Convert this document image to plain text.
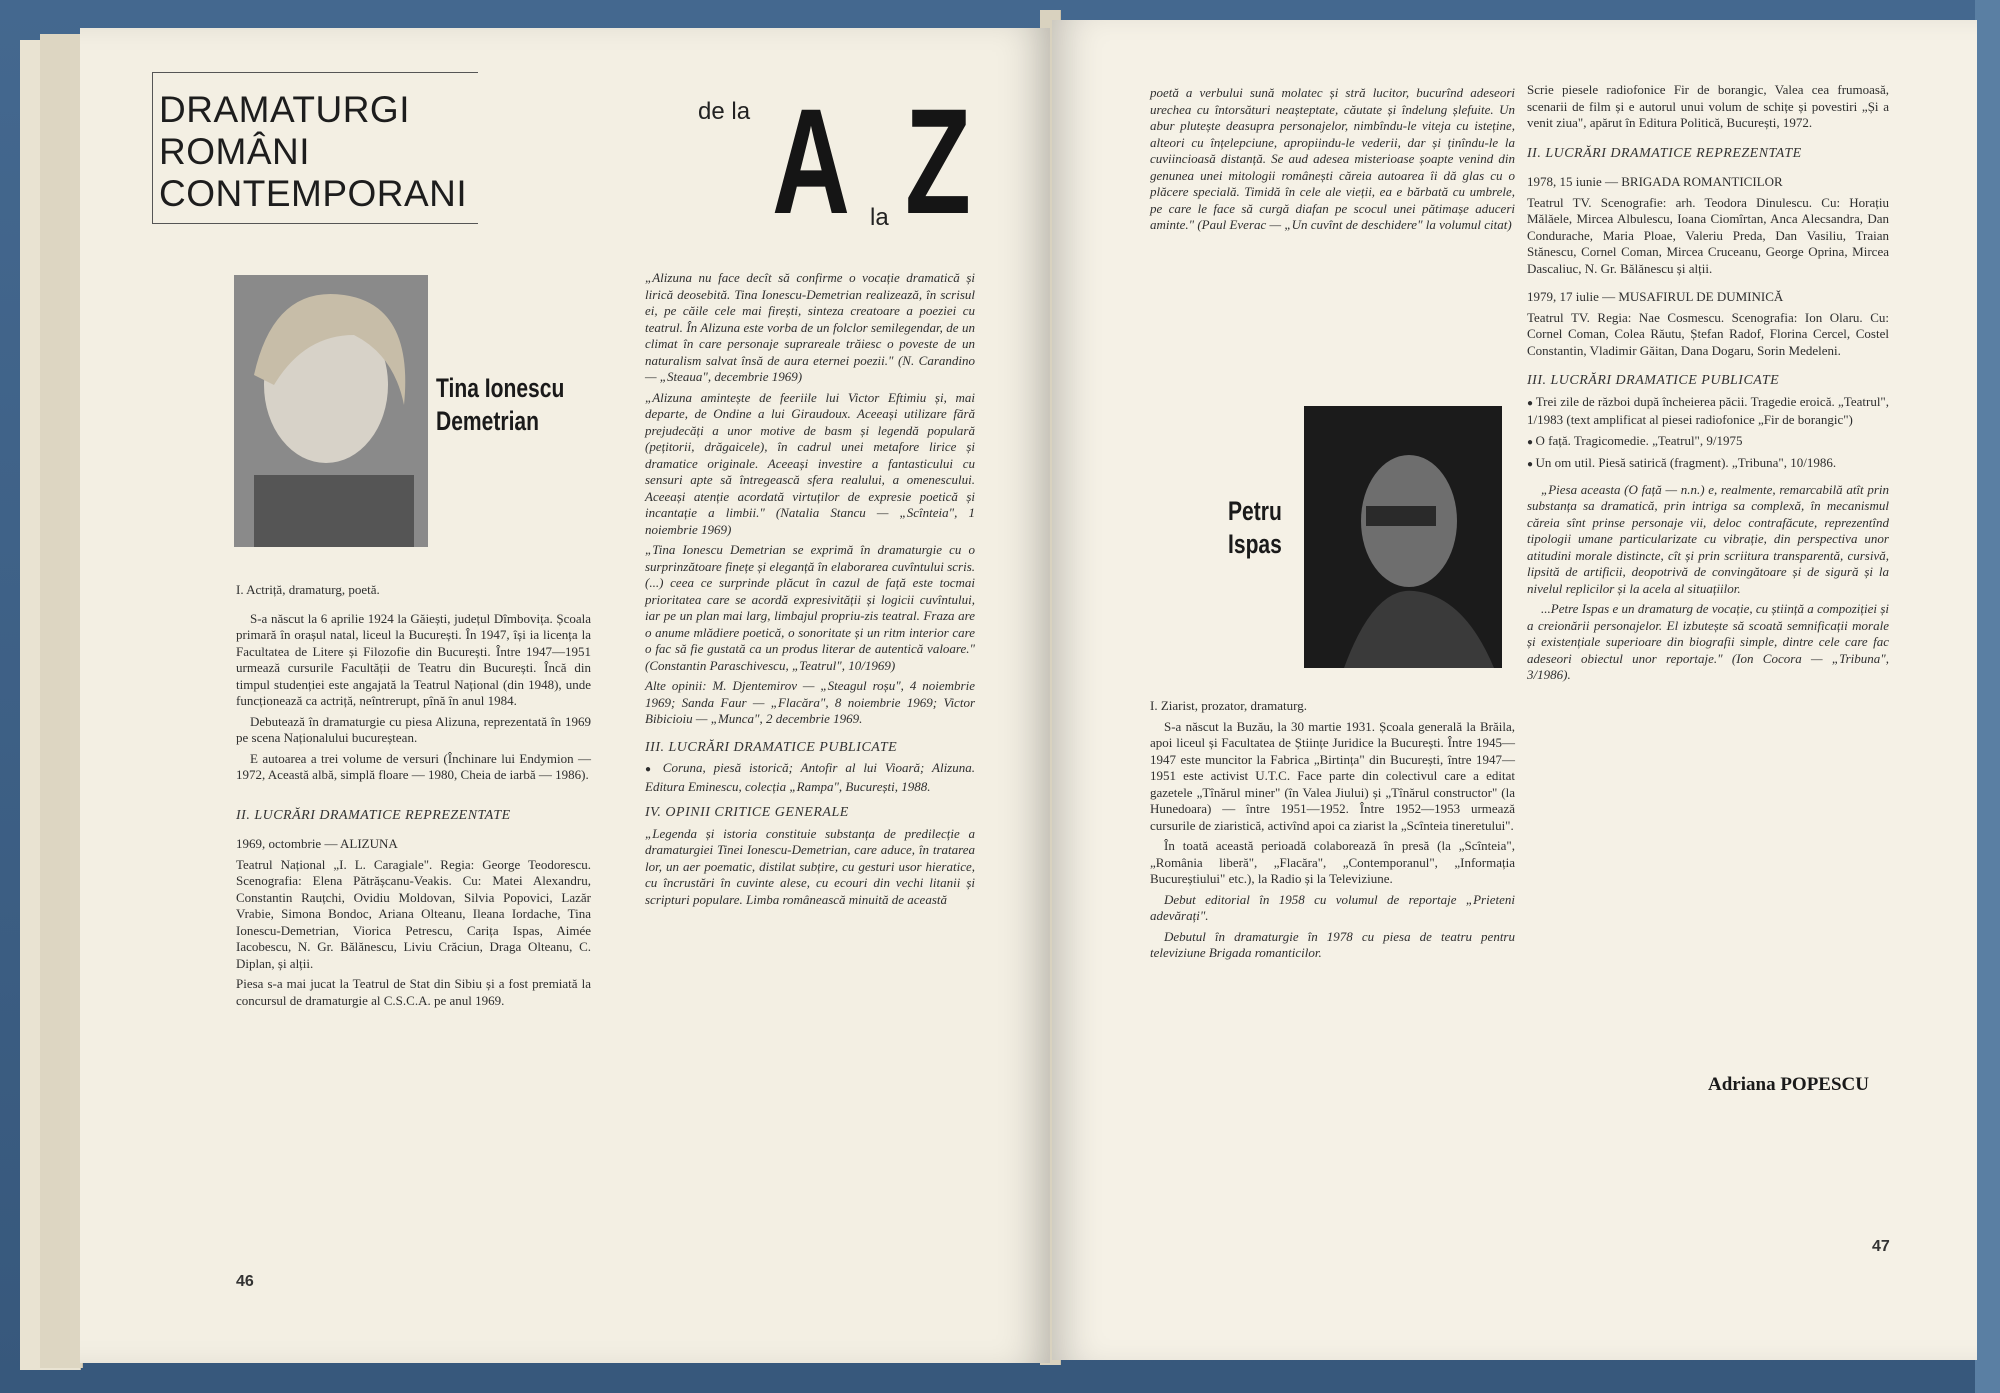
DRAMATURGI
ROMÂNI
CONTEMPORANI
de la A la Z
Tina Ionescu
Demetrian

I. Actriță, dramaturg, poetă.

S-a născut la 6 aprilie 1924 la Găiești, județul Dîmbovița. Școala primară în orașul natal, liceul la București. În 1947, își ia licența la Facultatea de Litere și Filozofie din București. Între 1947—1951 urmează cursurile Facultății de Teatru din București. Încă din timpul studenției este angajată la Teatrul Național (din 1948), unde funcționează ca actriță, neîntrerupt, pînă în anul 1984.

Debutează în dramaturgie cu piesa Alizuna, reprezentată în 1969 pe scena Naționalului bucureștean.

E autoarea a trei volume de versuri (Închinare lui Endymion — 1972, Această albă, simplă floare — 1980, Cheia de iarbă — 1986).

II. LUCRĂRI DRAMATICE REPREZENTATE

1969, octombrie — ALIZUNA

Teatrul Național „I. L. Caragiale". Regia: George Teodorescu. Scenografia: Elena Pătrășcanu-Veakis. Cu: Matei Alexandru, Constantin Rauțchi, Ovidiu Moldovan, Silvia Popovici, Lazăr Vrabie, Simona Bondoc, Ariana Olteanu, Ileana Iordache, Tina Ionescu-Demetrian, Viorica Petrescu, Carița Ispas, Aimée Iacobescu, N. Gr. Bălănescu, Liviu Crăciun, Draga Olteanu, C. Diplan, și alții.

Piesa s-a mai jucat la Teatrul de Stat din Sibiu și a fost premiată la concursul de dramaturgie al C.S.C.A. pe anul 1969.

„Alizuna nu face decît să confirme o vocație dramatică și lirică deosebită. Tina Ionescu-Demetrian realizează, în scrisul ei, pe căile cele mai firești, sinteza creatoare a poeziei cu teatrul. În Alizuna este vorba de un folclor semilegendar, de un climat în care personaje suprareale trăiesc o poveste de un naturalism salvat însă de aura eternei poezii." (N. Carandino — „Steaua", decembrie 1969)

„Alizuna amintește de feeriile lui Victor Eftimiu și, mai departe, de Ondine a lui Giraudoux. Aceeași utilizare fără prejudecăți a unor motive de basm și legendă populară (pețitorii, drăgaicele), în cadrul unei metafore lirice și dramatice originale. Aceeași investire a fantasticului cu sensuri apte să întregească sfera realului, a omenescului. Aceeași atenție acordată virtuților de expresie poetică și incantație a limbii." (Natalia Stancu — „Scînteia", 1 noiembrie 1969)

„Tina Ionescu Demetrian se exprimă în dramaturgie cu o surprinzătoare finețe și eleganță în elaborarea cuvîntului scris. (...) ceea ce surprinde plăcut în cazul de față este tocmai prioritatea care se acordă expresivității și logicii cuvîntului, iar pe un plan mai larg, limbajul propriu-zis teatral. Fraza are o anume mlădiere poetică, o sonoritate și un ritm interior care o fac să fie gustată ca un produs literar de autentică valoare." (Constantin Paraschivescu, „Teatrul", 10/1969)

Alte opinii: M. Djentemirov — „Steagul roșu", 4 noiembrie 1969; Sanda Faur — „Flacăra", 8 noiembrie 1969; Victor Bibicioiu — „Munca", 2 decembrie 1969.

III. LUCRĂRI DRAMATICE PUBLICATE

● Coruna, piesă istorică; Antofir al lui Vioară; Alizuna. Editura Eminescu, colecția „Rampa", București, 1988.

IV. OPINII CRITICE GENERALE

„Legenda și istoria constituie substanța de predilecție a dramaturgiei Tinei Ionescu-Demetrian, care aduce, în tratarea lor, un aer poematic, distilat subțire, cu gesturi usor hieratice, cu încrustări în cuvinte alese, cu ecouri din vechi litanii și scripturi populare. Limba românească minuită de această

46

poetă a verbului sună molatec și stră lucitor, bucurînd adeseori urechea cu întorsături neașteptate, căutate și îndelung șlefuite. Un abur plutește deasupra personajelor, nimbîndu-le viteja cu isteține, alteori cu înțelepciune, apropiindu-le vederii, dar și ținîndu-le la cuviincioasă distanță. Se aud adesea misterioase șoapte venind din genunea unei mitologii românești căreia autoarea îi dă glas cu o plăcere specială. Timidă în cele ale vieții, ea e bărbată cu umbrele, pe care le face să curgă diafan pe scocul unei pătimașe aduceri aminte." (Paul Everac — „Un cuvînt de deschidere" la volumul citat)

Petru
Ispas

I. Ziarist, prozator, dramaturg.

S-a născut la Buzău, la 30 martie 1931. Școala generală la Brăila, apoi liceul și Facultatea de Științe Juridice la București. Între 1945—1947 este muncitor la Fabrica „Birtința" din București, între 1947—1951 este activist U.T.C. Face parte din colectivul care a editat gazetele „Tînărul miner" (în Valea Jiului) și „Tînărul constructor" (la Hunedoara) — între 1951—1952. Între 1952—1953 urmează cursurile de ziaristică, activînd apoi ca ziarist la „Scînteia tineretului".

În toată această perioadă colaborează în presă (la „Scînteia", „România liberă", „Flacăra", „Contemporanul", „Informația Bucureștiului" etc.), la Radio și la Televiziune.

Debut editorial în 1958 cu volumul de reportaje „Prieteni adevărați".

Debutul în dramaturgie în 1978 cu piesa de teatru pentru televiziune Brigada romanticilor.

Scrie piesele radiofonice Fir de borangic, Valea cea frumoasă, scenarii de film și e autorul unui volum de schițe și povestiri „Și a venit ziua", apărut în Editura Politică, București, 1972.

II. LUCRĂRI DRAMATICE REPREZENTATE

1978, 15 iunie — BRIGADA ROMANTICILOR

Teatrul TV. Scenografie: arh. Teodora Dinulescu. Cu: Horațiu Mălăele, Mircea Albulescu, Ioana Ciomîrtan, Anca Alecsandra, Dan Condurache, Maria Ploae, Valeriu Preda, Dan Vasiliu, Traian Stănescu, Cornel Coman, Mircea Cruceanu, George Oprina, Mircea Dascaliuc, N. Gr. Bălănescu și alții.

1979, 17 iulie — MUSAFIRUL DE DUMINICĂ

Teatrul TV. Regia: Nae Cosmescu. Scenografia: Ion Olaru. Cu: Cornel Coman, Colea Răutu, Ștefan Radof, Florina Cercel, Costel Constantin, Vladimir Găitan, Dana Dogaru, Sorin Medeleni.

III. LUCRĂRI DRAMATICE PUBLICATE

● Trei zile de război după încheierea păcii. Tragedie eroică. „Teatrul", 1/1983 (text amplificat al piesei radiofonice „Fir de borangic")

● O față. Tragicomedie. „Teatrul", 9/1975

● Un om util. Piesă satirică (fragment). „Tribuna", 10/1986.

„Piesa aceasta (O față — n.n.) e, realmente, remarcabilă atît prin substanța sa dramatică, prin intriga sa complexă, în mecanismul căreia sînt prinse personaje vii, deloc contrafăcute, reprezentînd tipologii umane particularizate cu vibrație, din perspectiva unor atitudini morale distincte, cît și prin scriitura transparentă, cursivă, lipsită de artificii, deopotrivă de convingătoare și de sigură și la nivelul replicilor și la acela al situațiilor.

...Petre Ispas e un dramaturg de vocație, cu știință a compoziției și a creionării personajelor. El izbutește să scoată semnificații morale și existențiale superioare din biografii simple, dintre cele care fac adeseori obiectul unor reportaje." (Ion Cocora — „Tribuna", 3/1986).

Adriana POPESCU
47
